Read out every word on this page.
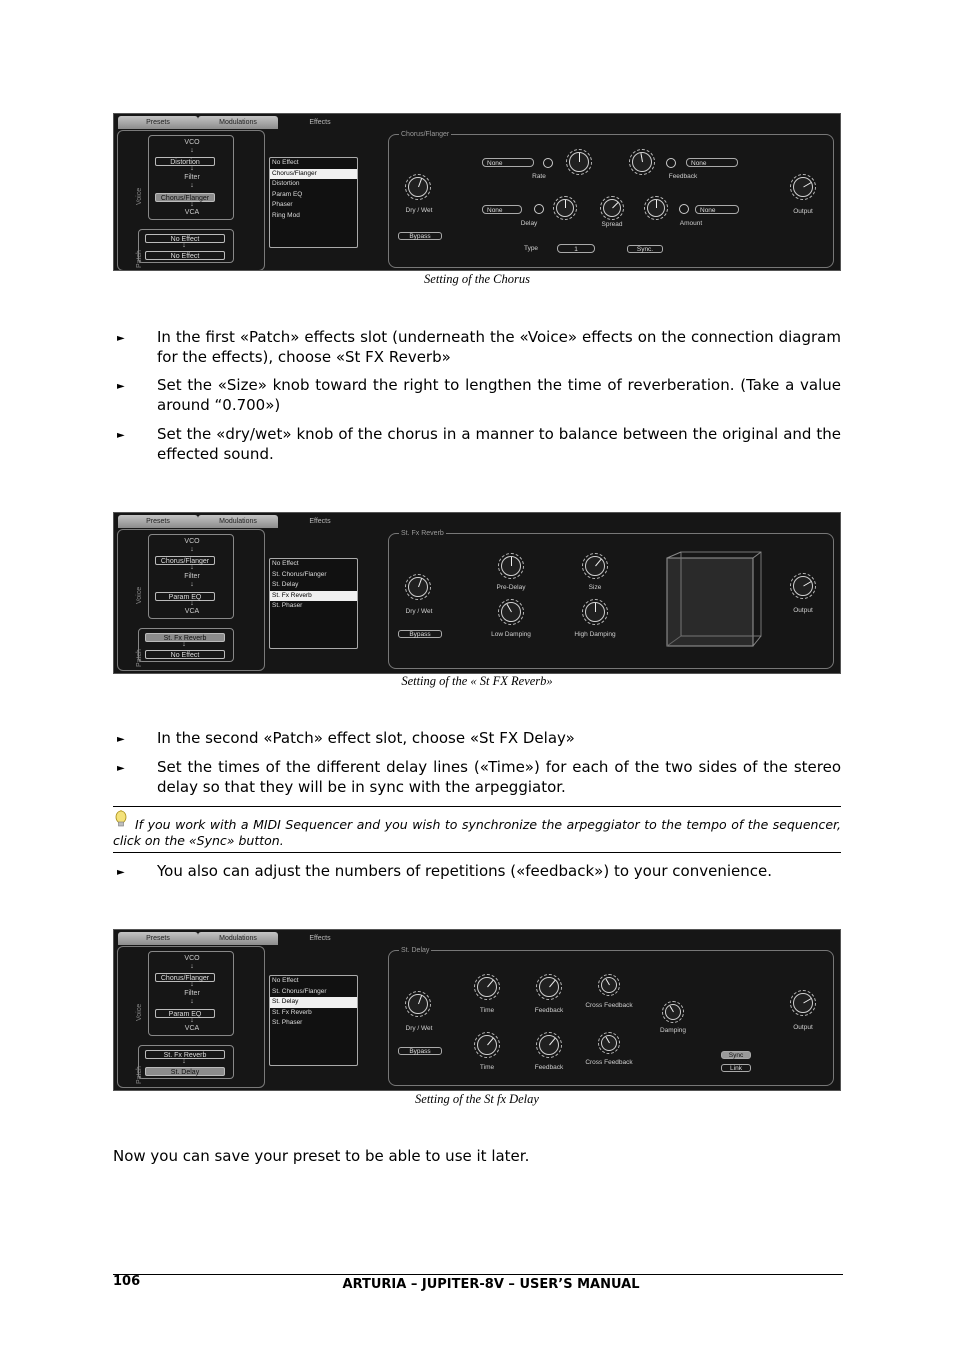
Presets	Modulations	Effects
Voice
Patch
VCO
↓
Distortion
↓
Filter
↓
Chorus/Flanger
↓
VCA
No Effect
↓
No Effect
No Effect
Chorus/Flanger
Distortion
Param EQ
Phaser
Ring Mod
Chorus/Flanger
Dry / Wet
Bypass
None
Rate
None
Feedback
None
Delay	Spread
None
Amount
Type	1	Sync.
Output
Setting of the Chorus
► In the first «Patch» effects slot (underneath the «Voice» effects on the connection diagram for the effects), choose «St FX Reverb»
► Set the «Size» knob toward the right to lengthen the time of reverberation. (Take a value around “0.700»)
► Set the «dry/wet» knob of the chorus in a manner to balance between the original and the effected sound.
Presets	Modulations	Effects
Voice
Patch
VCO
↓
Chorus/Flanger
↓
Filter
↓
Param EQ
↓
VCA
St. Fx Reverb
↓
No Effect
No Effect
St. Chorus/Flanger
St. Delay
St. Fx Reverb
St. Phaser
St. Fx Reverb
Dry / Wet
Bypass
Pre-Delay	Size
Low Damping	High Damping
Output
Setting of the « St FX Reverb»
► In the second «Patch» effect slot, choose «St FX Delay»
► Set the times of the different delay lines («Time») for each of the two sides of the stereo delay so that they will be in sync with the arpeggiator.
If you work with a MIDI Sequencer and you wish to synchronize the arpeggiator to the tempo of the sequencer, click on the «Sync» button.
► You also can adjust the numbers of repetitions («feedback») to your convenience.
Presets	Modulations	Effects
Voice
Patch
VCO
↓
Chorus/Flanger
↓
Filter
↓
Param EQ
↓
VCA
St. Fx Reverb
↓
St. Delay
No Effect
St. Chorus/Flanger
St. Delay
St. Fx Reverb
St. Phaser
St. Delay
Dry / Wet
Bypass
Time	Feedback
Cross Feedback
Damping
Time	Feedback
Cross Feedback
Sync
Link
Output
Setting of the St fx Delay
Now you can save your preset to be able to use it later.
106	ARTURIA – JUPITER-8V – USER’S MANUAL
